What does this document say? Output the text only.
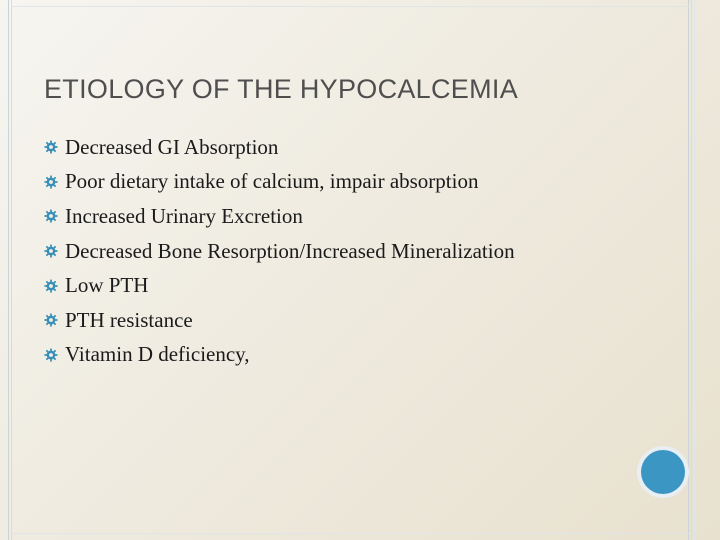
ETIOLOGY OF THE HYPOCALCEMIA
Decreased GI Absorption
Poor dietary intake of calcium, impair absorption
Increased Urinary Excretion
Decreased Bone Resorption/Increased Mineralization
Low PTH
PTH resistance
Vitamin D deficiency,
